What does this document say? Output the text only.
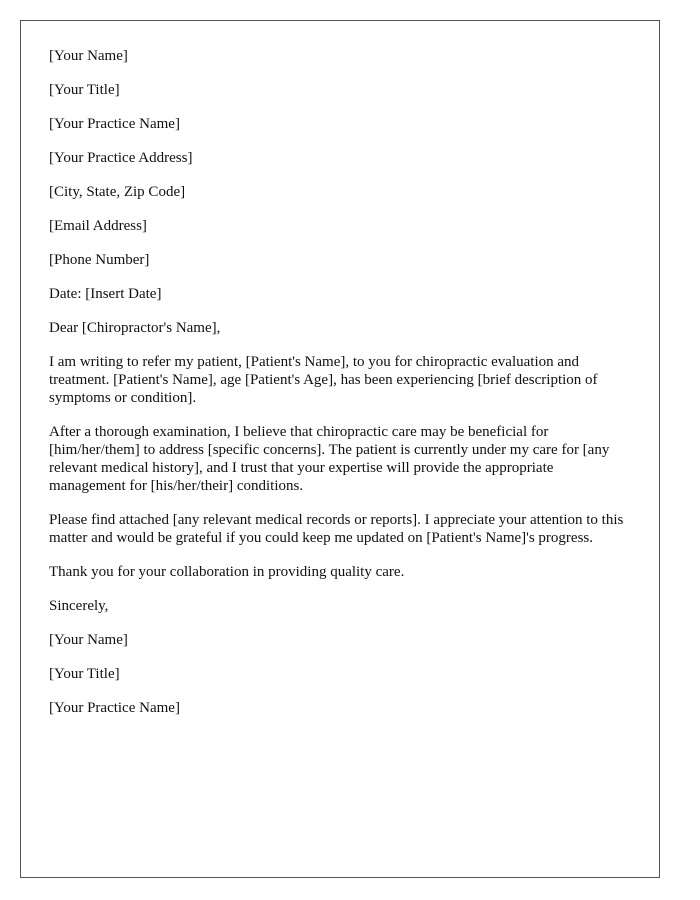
[Your Name]

[Your Title]

[Your Practice Name]

[Your Practice Address]

[City, State, Zip Code]

[Email Address]

[Phone Number]

Date: [Insert Date]

Dear [Chiropractor's Name],

I am writing to refer my patient, [Patient's Name], to you for chiropractic evaluation and treatment. [Patient's Name], age [Patient's Age], has been experiencing [brief description of symptoms or condition].

After a thorough examination, I believe that chiropractic care may be beneficial for [him/her/them] to address [specific concerns]. The patient is currently under my care for [any relevant medical history], and I trust that your expertise will provide the appropriate management for [his/her/their] conditions.

Please find attached [any relevant medical records or reports]. I appreciate your attention to this matter and would be grateful if you could keep me updated on [Patient's Name]'s progress.

Thank you for your collaboration in providing quality care.

Sincerely,

[Your Name]

[Your Title]

[Your Practice Name]
